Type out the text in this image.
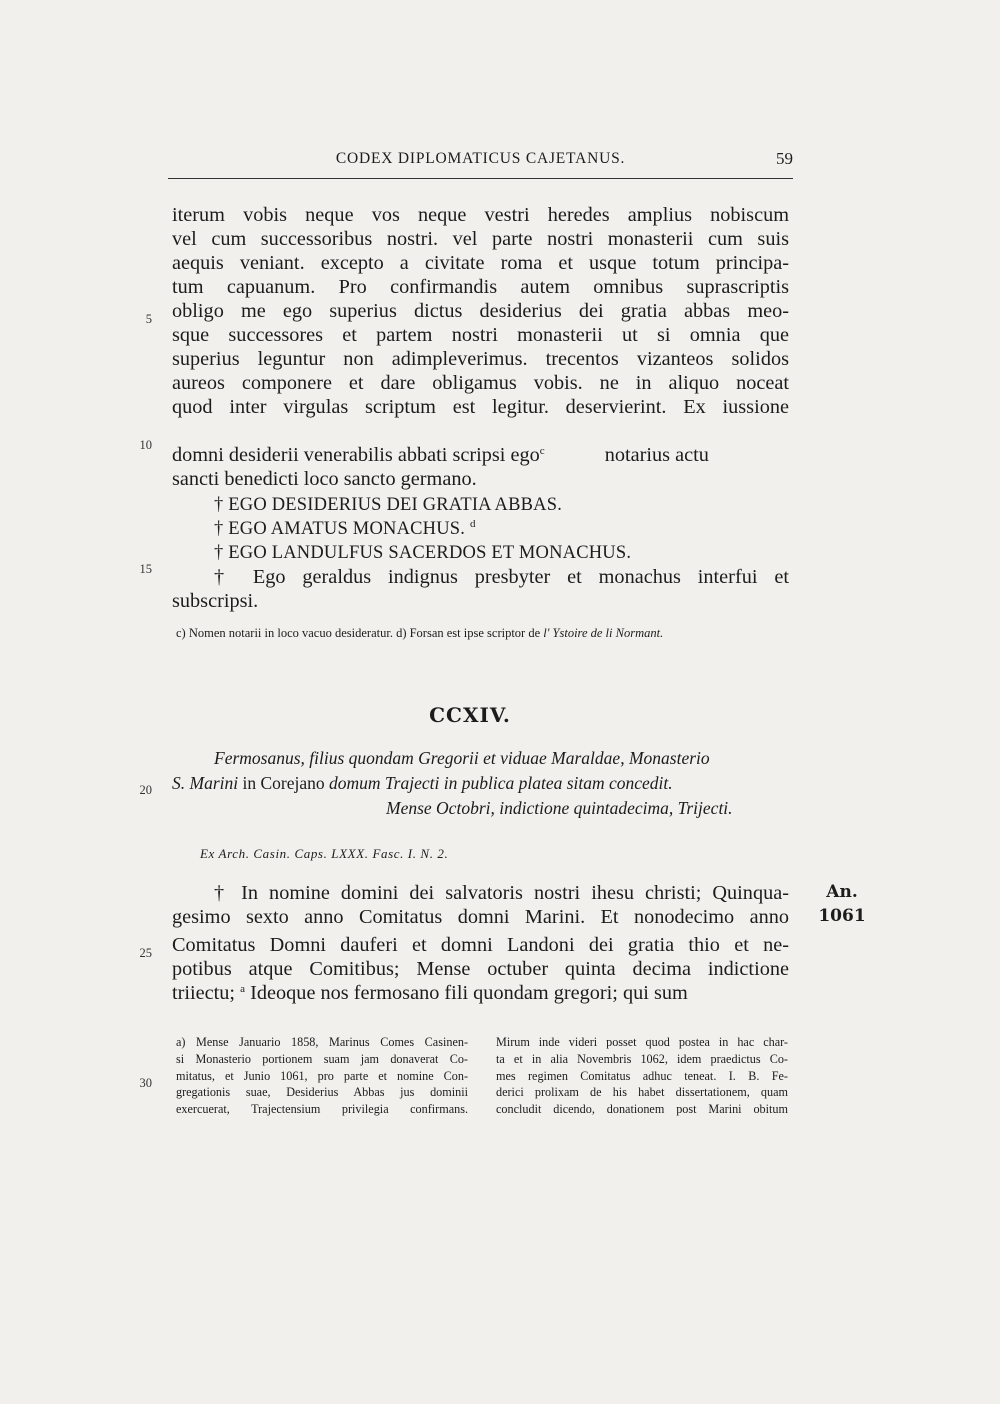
CODEX DIPLOMATICUS CAJETANUS.	59
iterum vobis neque vos neque vestri heredes amplius nobiscum
vel cum successoribus nostri. vel parte nostri monasterii cum suis
aequis veniant. excepto a civitate roma et usque totum principa-
tum capuanum. Pro confirmandis autem omnibus suprascriptis
obligo me ego superius dictus desiderius dei gratia abbas meo-
sque successores et partem nostri monasterii ut si omnia que
superius leguntur non adimpleverimus. trecentos vizanteos solidos
aureos componere et dare obligamus vobis. ne in aliquo noceat
quod inter virgulas scriptum est legitur. deservierint. Ex iussione
domni desiderii venerabilis abbati scripsi ego$^c$	notarius actu
sancti benedicti loco sancto germano.
† EGO DESIDERIUS DEI GRATIA ABBAS.
† EGO AMATUS MONACHUS. $^d$
† EGO LANDULFUS SACERDOS ET MONACHUS.
† Ego geraldus indignus presbyter et monachus interfui et
subscripsi.
5
10
15
20
25
30
c) Nomen notarii in loco vacuo desideratur. d) Forsan est ipse scriptor de l' Ystoire de li Normant.
CCXIV.
Fermosanus, filius quondam Gregorii et viduae Maraldae, Monasterio
S. Marini in Corejano domum Trajecti in publica platea sitam concedit.
Mense Octobri, indictione quintadecima, Trijecti.
Ex Arch. Casin. Caps. LXXX. Fasc. I. N. 2.
† In nomine domini dei salvatoris nostri ihesu christi; Quinqua-
gesimo sexto anno Comitatus domni Marini. Et nonodecimo anno
Comitatus Domni dauferi et domni Landoni dei gratia thio et ne-
potibus atque Comitibus; Mense octuber quinta decima indictione
triiectu; $^a$ Ideoque nos fermosano fili quondam gregori; qui sum
An.
1061
a) Mense Januario 1858, Marinus Comes Casinen-
si Monasterio portionem suam jam donaverat Co-
mitatus, et Junio 1061, pro parte et nomine Con-
gregationis suae, Desiderius Abbas jus dominii
exercuerat, Trajectensium privilegia confirmans.
Mirum inde videri posset quod postea in hac char-
ta et in alia Novembris 1062, idem praedictus Co-
mes regimen Comitatus adhuc teneat. I. B. Fe-
derici prolixam de his habet dissertationem, quam
concludit dicendo, donationem post Marini obitum
